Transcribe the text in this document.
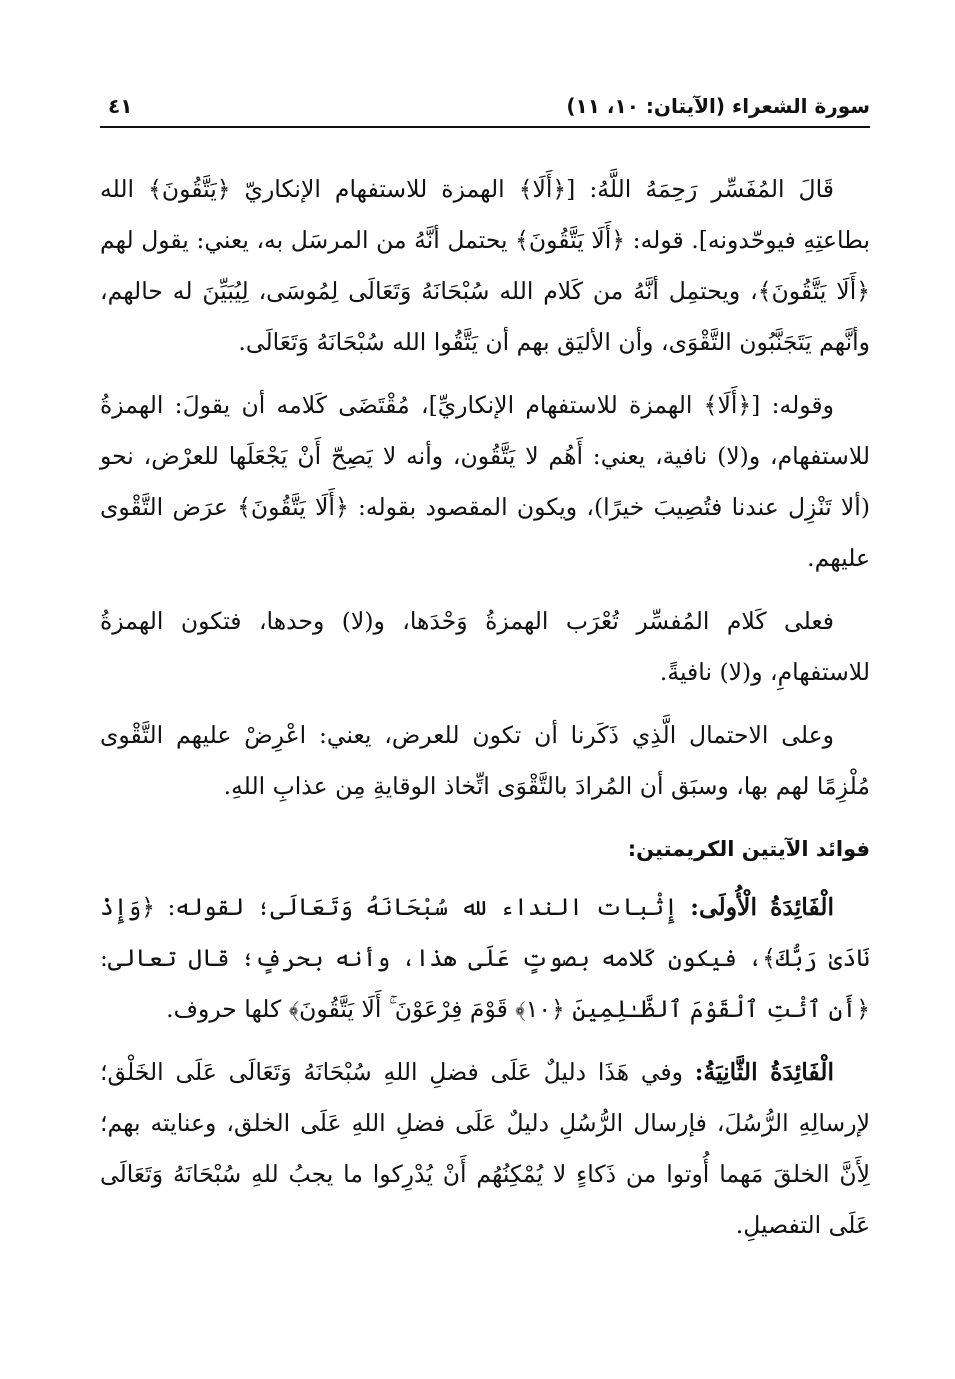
سورة الشعراء (الآيتان: ١٠، ١١)
٤١

قَالَ المُفَسِّر رَحِمَهُ اللَّهُ: [﴿أَلَا﴾ الهمزة للاستفهام الإنكاريّ ﴿يَتَّقُونَ﴾ الله بطاعتِهِ فيوحّدونه]. قوله: ﴿أَلَا يَتَّقُونَ﴾ يحتمل أنَّهُ من المرسَل به، يعني: يقول لهم ﴿أَلَا يَتَّقُونَ﴾، ويحتمِل أنَّهُ من كَلام الله سُبْحَانَهُ وَتَعَالَى لِمُوسَى، لِيُبَيِّنَ له حالهم، وأنَّهم يَتَجَنَّبُون التَّقْوَى، وأن الأليَق بهم أن يَتَّقُوا الله سُبْحَانَهُ وَتَعَالَى.

وقوله: [﴿أَلَا﴾ الهمزة للاستفهام الإنكاريِّ]، مُقْتَضَى كَلامه أن يقولَ: الهمزةُ للاستفهام، و(لا) نافية، يعني: أَهُم لا يَتَّقُون، وأنه لا يَصِحّ أَنْ يَجْعَلَها للعرْض، نحو (ألا تَنْزِل عندنا فتُصِيبَ خيرًا)، ويكون المقصود بقوله: ﴿أَلَا يَتَّقُونَ﴾ عرَض التَّقْوى عليهم.

فعلى كَلام المُفسِّر تُعْرَب الهمزةُ وَحْدَها، و(لا) وحدها، فتكون الهمزةُ للاستفهامِ، و(لا) نافيةً.

وعلى الاحتمال الَّذِي ذَكَرنا أن تكون للعرض، يعني: اعْرِضْ عليهم التَّقْوى مُلْزِمًا لهم بها، وسبَق أن المُرادَ بالتَّقْوَى اتِّخاذ الوقايةِ مِن عذابِ اللهِ.

فوائد الآيتين الكريمتين:

الْفَائِدَةُ الْأُولَى: إِثْبات النداء لله سُبْحَانَهُ وَتَعَالَى؛ لقوله: ﴿وَإِذْ نَادَىٰ رَبُّكَ﴾، فيكون كَلامه بصوتٍ عَلَى هذا، وأنه بحرفٍ؛ قال تعالى: ﴿أَنِ ٱئْتِ ٱلْقَوْمَ ٱلظَّـٰلِمِينَ ﴿١٠﴾ قَوْمَ فِرْعَوْنَ ۚ أَلَا يَتَّقُونَ﴾ كلها حروف.

الْفَائِدَةُ الثَّانِيَةُ: وفي هَذَا دليلٌ عَلَى فضلِ اللهِ سُبْحَانَهُ وَتَعَالَى عَلَى الخَلْق؛ لإرسالِهِ الرُّسُلَ، فإرسال الرُّسُلِ دليلٌ عَلَى فضلِ اللهِ عَلَى الخلق، وعنايته بهم؛ لِأَنَّ الخلقَ مَهما أُوتوا من ذَكاءٍ لا يُمْكِنُهُم أَنْ يُدْرِكوا ما يجبُ للهِ سُبْحَانَهُ وَتَعَالَى عَلَى التفصيلِ.
